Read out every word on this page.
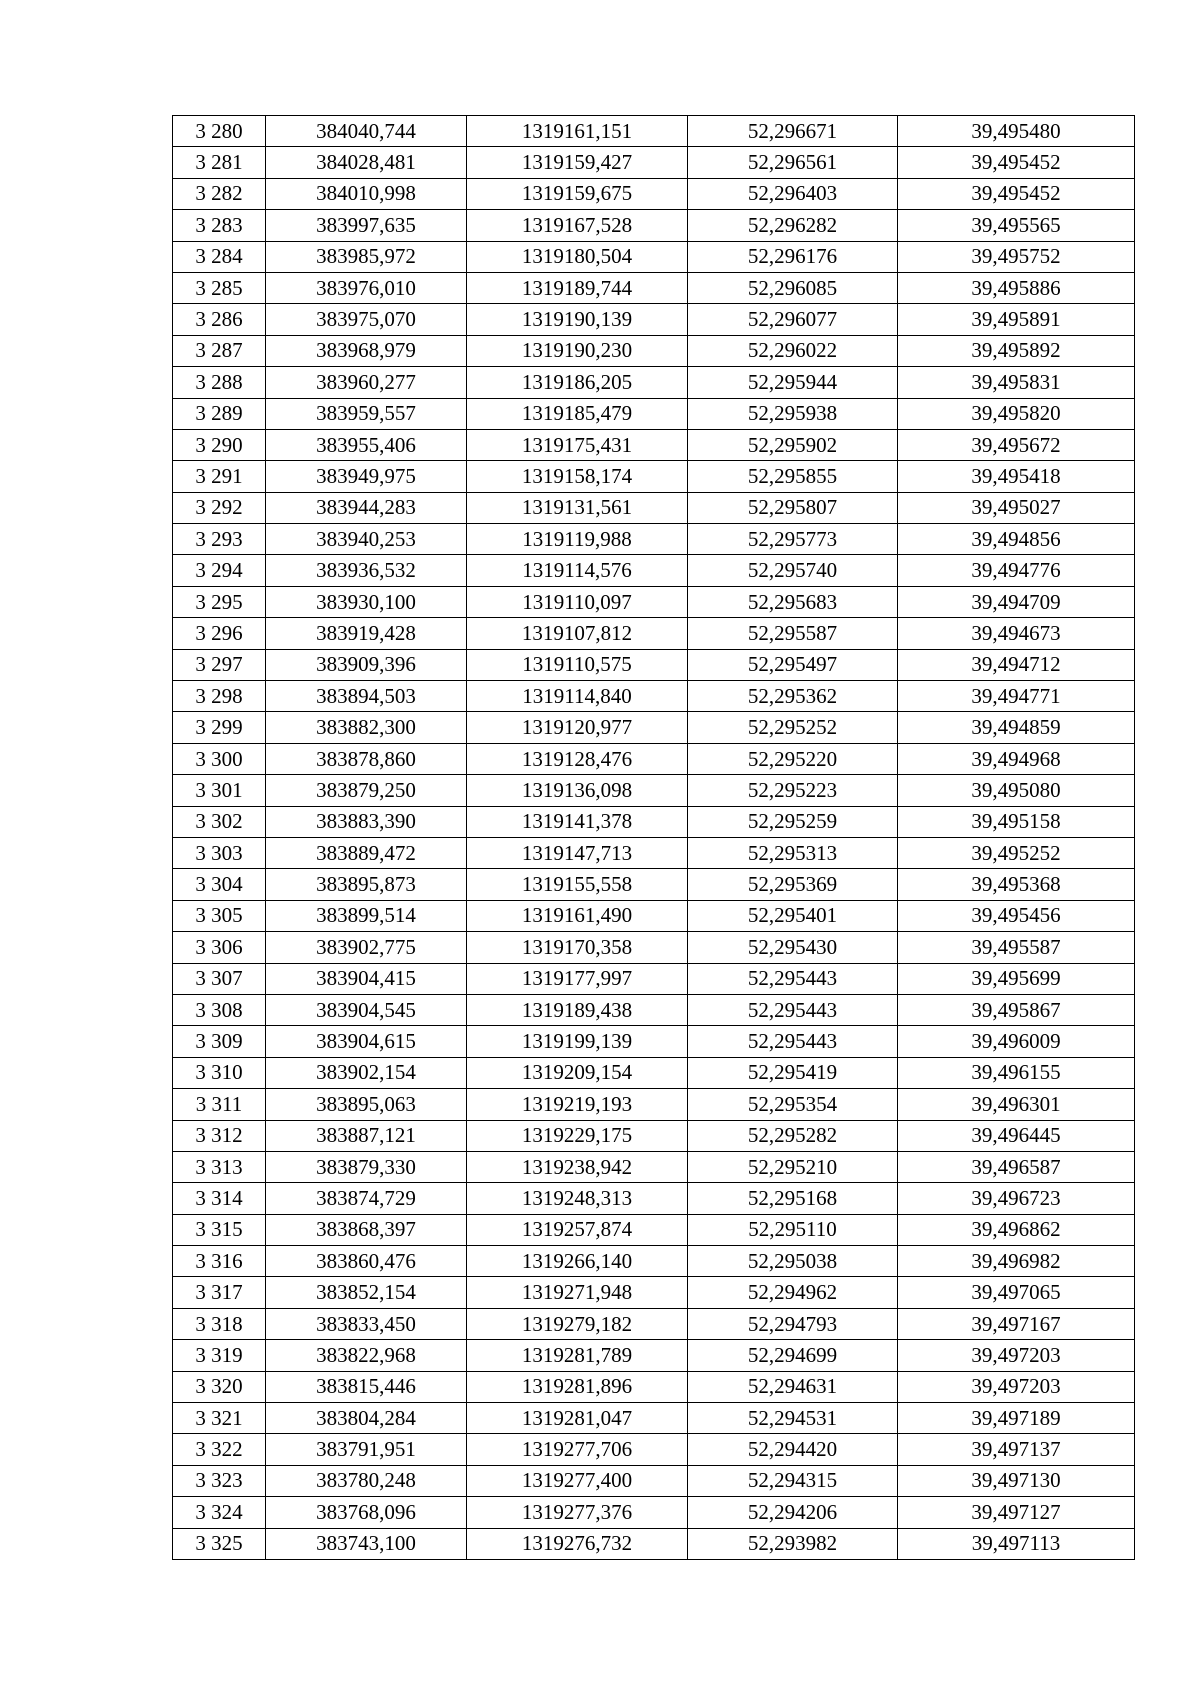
3 280	384040,744	1319161,151	52,296671	39,495480
3 281	384028,481	1319159,427	52,296561	39,495452
3 282	384010,998	1319159,675	52,296403	39,495452
3 283	383997,635	1319167,528	52,296282	39,495565
3 284	383985,972	1319180,504	52,296176	39,495752
3 285	383976,010	1319189,744	52,296085	39,495886
3 286	383975,070	1319190,139	52,296077	39,495891
3 287	383968,979	1319190,230	52,296022	39,495892
3 288	383960,277	1319186,205	52,295944	39,495831
3 289	383959,557	1319185,479	52,295938	39,495820
3 290	383955,406	1319175,431	52,295902	39,495672
3 291	383949,975	1319158,174	52,295855	39,495418
3 292	383944,283	1319131,561	52,295807	39,495027
3 293	383940,253	1319119,988	52,295773	39,494856
3 294	383936,532	1319114,576	52,295740	39,494776
3 295	383930,100	1319110,097	52,295683	39,494709
3 296	383919,428	1319107,812	52,295587	39,494673
3 297	383909,396	1319110,575	52,295497	39,494712
3 298	383894,503	1319114,840	52,295362	39,494771
3 299	383882,300	1319120,977	52,295252	39,494859
3 300	383878,860	1319128,476	52,295220	39,494968
3 301	383879,250	1319136,098	52,295223	39,495080
3 302	383883,390	1319141,378	52,295259	39,495158
3 303	383889,472	1319147,713	52,295313	39,495252
3 304	383895,873	1319155,558	52,295369	39,495368
3 305	383899,514	1319161,490	52,295401	39,495456
3 306	383902,775	1319170,358	52,295430	39,495587
3 307	383904,415	1319177,997	52,295443	39,495699
3 308	383904,545	1319189,438	52,295443	39,495867
3 309	383904,615	1319199,139	52,295443	39,496009
3 310	383902,154	1319209,154	52,295419	39,496155
3 311	383895,063	1319219,193	52,295354	39,496301
3 312	383887,121	1319229,175	52,295282	39,496445
3 313	383879,330	1319238,942	52,295210	39,496587
3 314	383874,729	1319248,313	52,295168	39,496723
3 315	383868,397	1319257,874	52,295110	39,496862
3 316	383860,476	1319266,140	52,295038	39,496982
3 317	383852,154	1319271,948	52,294962	39,497065
3 318	383833,450	1319279,182	52,294793	39,497167
3 319	383822,968	1319281,789	52,294699	39,497203
3 320	383815,446	1319281,896	52,294631	39,497203
3 321	383804,284	1319281,047	52,294531	39,497189
3 322	383791,951	1319277,706	52,294420	39,497137
3 323	383780,248	1319277,400	52,294315	39,497130
3 324	383768,096	1319277,376	52,294206	39,497127
3 325	383743,100	1319276,732	52,293982	39,497113
